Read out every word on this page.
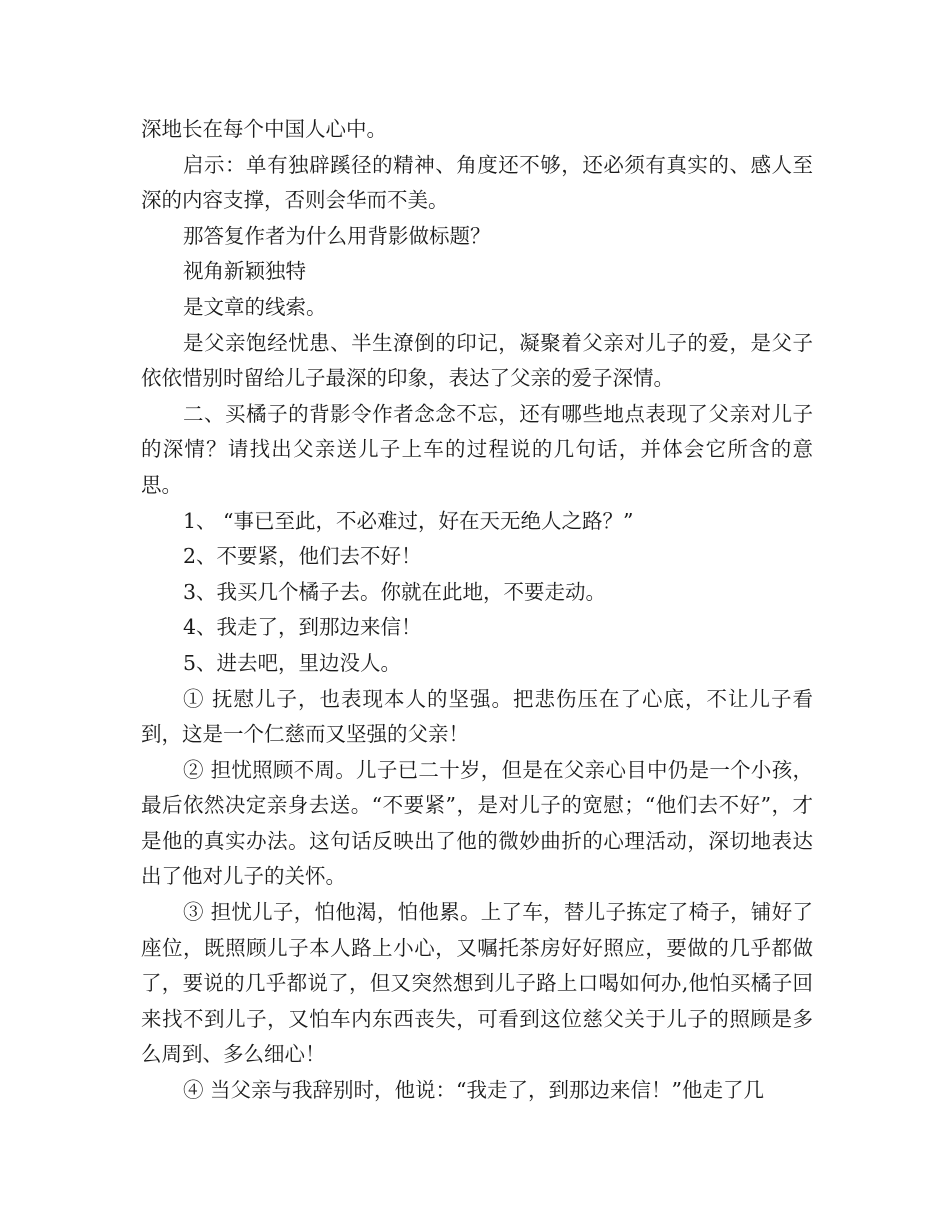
深地长在每个中国人心中。

启示：单有独辟蹊径的精神、角度还不够，还必须有真实的、感人至深的内容支撑，否则会华而不美。

那答复作者为什么用背影做标题？

视角新颖独特

是文章的线索。

是父亲饱经忧患、半生潦倒的印记，凝聚着父亲对儿子的爱，是父子依依惜别时留给儿子最深的印象，表达了父亲的爱子深情。

二、买橘子的背影令作者念念不忘，还有哪些地点表现了父亲对儿子的深情？请找出父亲送儿子上车的过程说的几句话，并体会它所含的意思。

1、 “事已至此，不必难过，好在天无绝人之路？”

2、不要紧，他们去不好！

3、我买几个橘子去。你就在此地，不要走动。

4、我走了，到那边来信！

5、进去吧，里边没人。

① 抚慰儿子，也表现本人的坚强。把悲伤压在了心底，不让儿子看到，这是一个仁慈而又坚强的父亲！

② 担忧照顾不周。儿子已二十岁，但是在父亲心目中仍是一个小孩，最后依然决定亲身去送。“不要紧”，是对儿子的宽慰；“他们去不好”，才是他的真实办法。这句话反映出了他的微妙曲折的心理活动，深切地表达出了他对儿子的关怀。

③ 担忧儿子，怕他渴，怕他累。上了车，替儿子拣定了椅子，铺好了座位，既照顾儿子本人路上小心，又嘱托茶房好好照应，要做的几乎都做了，要说的几乎都说了，但又突然想到儿子路上口喝如何办,他怕买橘子回来找不到儿子，又怕车内东西丧失，可看到这位慈父关于儿子的照顾是多么周到、多么细心！

④ 当父亲与我辞别时，他说：“我走了，到那边来信！”他走了几
